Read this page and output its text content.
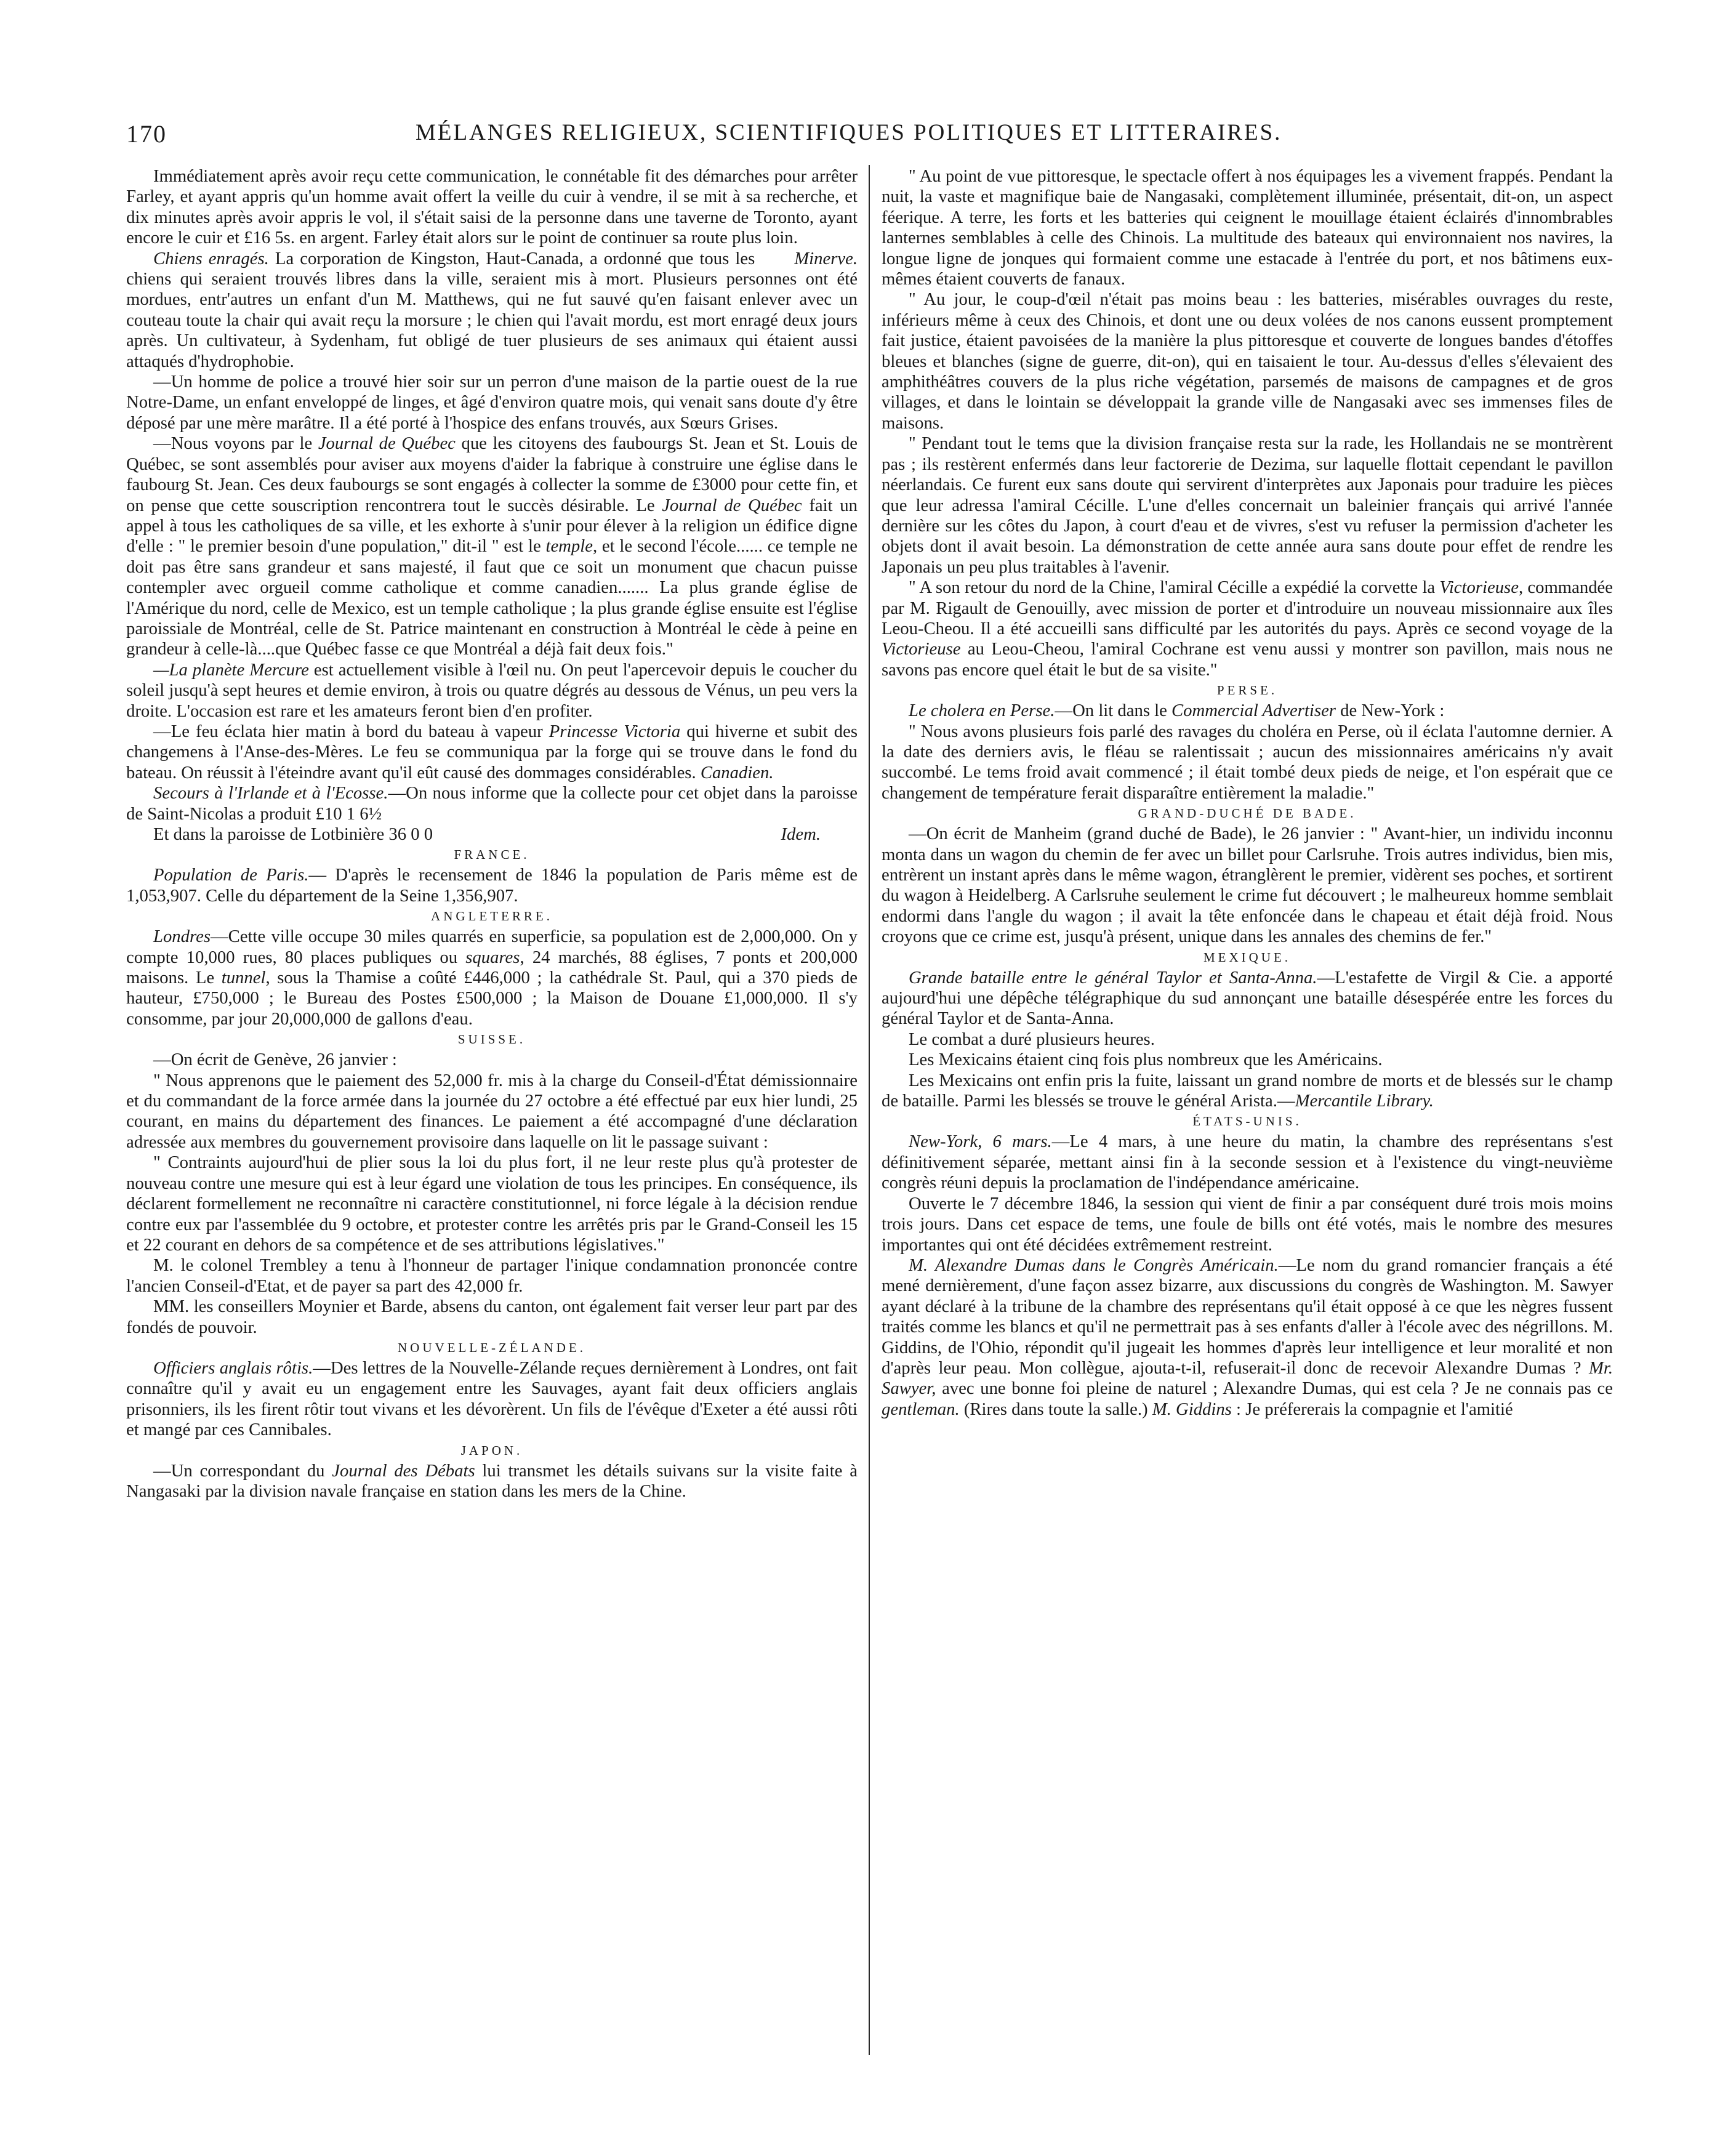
170	MÉLANGES RELIGIEUX, SCIENTIFIQUES POLITIQUES ET LITTERAIRES.

Immédiatement après avoir reçu cette communication, le connétable fit des démarches pour arrêter Farley, et ayant appris qu'un homme avait offert la veille du cuir à vendre, il se mit à sa recherche, et dix minutes après avoir appris le vol, il s'était saisi de la personne dans une taverne de Toronto, ayant encore le cuir et £16 5s. en argent. Farley était alors sur le point de continuer sa route plus loin.
Minerve.

Chiens enragés. La corporation de Kingston, Haut-Canada, a ordonné que tous les chiens qui seraient trouvés libres dans la ville, seraient mis à mort. Plusieurs personnes ont été mordues, entr'autres un enfant d'un M. Matthews, qui ne fut sauvé qu'en faisant enlever avec un couteau toute la chair qui avait reçu la morsure ; le chien qui l'avait mordu, est mort enragé deux jours après. Un cultivateur, à Sydenham, fut obligé de tuer plusieurs de ses animaux qui étaient aussi attaqués d'hydrophobie.

—Un homme de police a trouvé hier soir sur un perron d'une maison de la partie ouest de la rue Notre-Dame, un enfant enveloppé de linges, et âgé d'environ quatre mois, qui venait sans doute d'y être déposé par une mère marâtre. Il a été porté à l'hospice des enfans trouvés, aux Sœurs Grises.

—Nous voyons par le Journal de Québec que les citoyens des faubourgs St. Jean et St. Louis de Québec, se sont assemblés pour aviser aux moyens d'aider la fabrique à construire une église dans le faubourg St. Jean. Ces deux faubourgs se sont engagés à collecter la somme de £3000 pour cette fin, et on pense que cette souscription rencontrera tout le succès désirable. Le Journal de Québec fait un appel à tous les catholiques de sa ville, et les exhorte à s'unir pour élever à la religion un édifice digne d'elle : " le premier besoin d'une population," dit-il " est le temple, et le second l'école...... ce temple ne doit pas être sans grandeur et sans majesté, il faut que ce soit un monument que chacun puisse contempler avec orgueil comme catholique et comme canadien....... La plus grande église de l'Amérique du nord, celle de Mexico, est un temple catholique ; la plus grande église ensuite est l'église paroissiale de Montréal, celle de St. Patrice maintenant en construction à Montréal le cède à peine en grandeur à celle-là....que Québec fasse ce que Montréal a déjà fait deux fois."

—La planète Mercure est actuellement visible à l'œil nu. On peut l'apercevoir depuis le coucher du soleil jusqu'à sept heures et demie environ, à trois ou quatre dégrés au dessous de Vénus, un peu vers la droite. L'occasion est rare et les amateurs feront bien d'en profiter.

—Le feu éclata hier matin à bord du bateau à vapeur Princesse Victoria qui hiverne et subit des changemens à l'Anse-des-Mères. Le feu se communiqua par la forge qui se trouve dans le fond du bateau. On réussit à l'éteindre avant qu'il eût causé des dommages considérables. Canadien.

Secours à l'Irlande et à l'Ecosse.—On nous informe que la collecte pour cet objet dans la paroisse de Saint-Nicolas a produit £10 1 6½

Et dans la paroisse de Lotbinière 36 0 0	Idem.

FRANCE.

Population de Paris.— D'après le recensement de 1846 la population de Paris même est de 1,053,907. Celle du département de la Seine 1,356,907.

ANGLETERRE.

Londres—Cette ville occupe 30 miles quarrés en superficie, sa population est de 2,000,000. On y compte 10,000 rues, 80 places publiques ou squares, 24 marchés, 88 églises, 7 ponts et 200,000 maisons. Le tunnel, sous la Thamise a coûté £446,000 ; la cathédrale St. Paul, qui a 370 pieds de hauteur, £750,000 ; le Bureau des Postes £500,000 ; la Maison de Douane £1,000,000. Il s'y consomme, par jour 20,000,000 de gallons d'eau.

SUISSE.

—On écrit de Genève, 26 janvier :

" Nous apprenons que le paiement des 52,000 fr. mis à la charge du Conseil-d'État démissionnaire et du commandant de la force armée dans la journée du 27 octobre a été effectué par eux hier lundi, 25 courant, en mains du département des finances. Le paiement a été accompagné d'une déclaration adressée aux membres du gouvernement provisoire dans laquelle on lit le passage suivant :

" Contraints aujourd'hui de plier sous la loi du plus fort, il ne leur reste plus qu'à protester de nouveau contre une mesure qui est à leur égard une violation de tous les principes. En conséquence, ils déclarent formellement ne reconnaître ni caractère constitutionnel, ni force légale à la décision rendue contre eux par l'assemblée du 9 octobre, et protester contre les arrêtés pris par le Grand-Conseil les 15 et 22 courant en dehors de sa compétence et de ses attributions législatives."

M. le colonel Trembley a tenu à l'honneur de partager l'inique condamnation prononcée contre l'ancien Conseil-d'Etat, et de payer sa part des 42,000 fr.

MM. les conseillers Moynier et Barde, absens du canton, ont également fait verser leur part par des fondés de pouvoir.

NOUVELLE-ZÉLANDE.

Officiers anglais rôtis.—Des lettres de la Nouvelle-Zélande reçues dernièrement à Londres, ont fait connaître qu'il y avait eu un engagement entre les Sauvages, ayant fait deux officiers anglais prisonniers, ils les firent rôtir tout vivans et les dévorèrent. Un fils de l'évêque d'Exeter a été aussi rôti et mangé par ces Cannibales.

JAPON.

—Un correspondant du Journal des Débats lui transmet les détails suivans sur la visite faite à Nangasaki par la division navale française en station dans les mers de la Chine.

" Au point de vue pittoresque, le spectacle offert à nos équipages les a vivement frappés. Pendant la nuit, la vaste et magnifique baie de Nangasaki, complètement illuminée, présentait, dit-on, un aspect féerique. A terre, les forts et les batteries qui ceignent le mouillage étaient éclairés d'innombrables lanternes semblables à celle des Chinois. La multitude des bateaux qui environnaient nos navires, la longue ligne de jonques qui formaient comme une estacade à l'entrée du port, et nos bâtimens eux-mêmes étaient couverts de fanaux.

" Au jour, le coup-d'œil n'était pas moins beau : les batteries, misérables ouvrages du reste, inférieurs même à ceux des Chinois, et dont une ou deux volées de nos canons eussent promptement fait justice, étaient pavoisées de la manière la plus pittoresque et couverte de longues bandes d'étoffes bleues et blanches (signe de guerre, dit-on), qui en taisaient le tour. Au-dessus d'elles s'élevaient des amphithéâtres couvers de la plus riche végétation, parsemés de maisons de campagnes et de gros villages, et dans le lointain se développait la grande ville de Nangasaki avec ses immenses files de maisons.

" Pendant tout le tems que la division française resta sur la rade, les Hollandais ne se montrèrent pas ; ils restèrent enfermés dans leur factorerie de Dezima, sur laquelle flottait cependant le pavillon néerlandais. Ce furent eux sans doute qui servirent d'interprètes aux Japonais pour traduire les pièces que leur adressa l'amiral Cécille. L'une d'elles concernait un baleinier français qui arrivé l'année dernière sur les côtes du Japon, à court d'eau et de vivres, s'est vu refuser la permission d'acheter les objets dont il avait besoin. La démonstration de cette année aura sans doute pour effet de rendre les Japonais un peu plus traitables à l'avenir.

" A son retour du nord de la Chine, l'amiral Cécille a expédié la corvette la Victorieuse, commandée par M. Rigault de Genouilly, avec mission de porter et d'introduire un nouveau missionnaire aux îles Leou-Cheou. Il a été accueilli sans difficulté par les autorités du pays. Après ce second voyage de la Victorieuse au Leou-Cheou, l'amiral Cochrane est venu aussi y montrer son pavillon, mais nous ne savons pas encore quel était le but de sa visite."

PERSE.

Le cholera en Perse.—On lit dans le Commercial Advertiser de New-York :

" Nous avons plusieurs fois parlé des ravages du choléra en Perse, où il éclata l'automne dernier. A la date des derniers avis, le fléau se ralentissait ; aucun des missionnaires américains n'y avait succombé. Le tems froid avait commencé ; il était tombé deux pieds de neige, et l'on espérait que ce changement de température ferait disparaître entièrement la maladie."

GRAND-DUCHÉ DE BADE.

—On écrit de Manheim (grand duché de Bade), le 26 janvier : " Avant-hier, un individu inconnu monta dans un wagon du chemin de fer avec un billet pour Carlsruhe. Trois autres individus, bien mis, entrèrent un instant après dans le même wagon, étranglèrent le premier, vidèrent ses poches, et sortirent du wagon à Heidelberg. A Carlsruhe seulement le crime fut découvert ; le malheureux homme semblait endormi dans l'angle du wagon ; il avait la tête enfoncée dans le chapeau et était déjà froid. Nous croyons que ce crime est, jusqu'à présent, unique dans les annales des chemins de fer."

MEXIQUE.

Grande bataille entre le général Taylor et Santa-Anna.—L'estafette de Virgil & Cie. a apporté aujourd'hui une dépêche télégraphique du sud annonçant une bataille désespérée entre les forces du général Taylor et de Santa-Anna.

Le combat a duré plusieurs heures.

Les Mexicains étaient cinq fois plus nombreux que les Américains.

Les Mexicains ont enfin pris la fuite, laissant un grand nombre de morts et de blessés sur le champ de bataille. Parmi les blessés se trouve le général Arista.—Mercantile Library.

ÉTATS-UNIS.

New-York, 6 mars.—Le 4 mars, à une heure du matin, la chambre des représentans s'est définitivement séparée, mettant ainsi fin à la seconde session et à l'existence du vingt-neuvième congrès réuni depuis la proclamation de l'indépendance américaine.

Ouverte le 7 décembre 1846, la session qui vient de finir a par conséquent duré trois mois moins trois jours. Dans cet espace de tems, une foule de bills ont été votés, mais le nombre des mesures importantes qui ont été décidées extrêmement restreint.

M. Alexandre Dumas dans le Congrès Américain.—Le nom du grand romancier français a été mené dernièrement, d'une façon assez bizarre, aux discussions du congrès de Washington. M. Sawyer ayant déclaré à la tribune de la chambre des représentans qu'il était opposé à ce que les nègres fussent traités comme les blancs et qu'il ne permettrait pas à ses enfants d'aller à l'école avec des négrillons. M. Giddins, de l'Ohio, répondit qu'il jugeait les hommes d'après leur intelligence et leur moralité et non d'après leur peau. Mon collègue, ajouta-t-il, refuserait-il donc de recevoir Alexandre Dumas ? Mr. Sawyer, avec une bonne foi pleine de naturel ; Alexandre Dumas, qui est cela ? Je ne connais pas ce gentleman. (Rires dans toute la salle.) M. Giddins : Je préfererais la compagnie et l'amitié
